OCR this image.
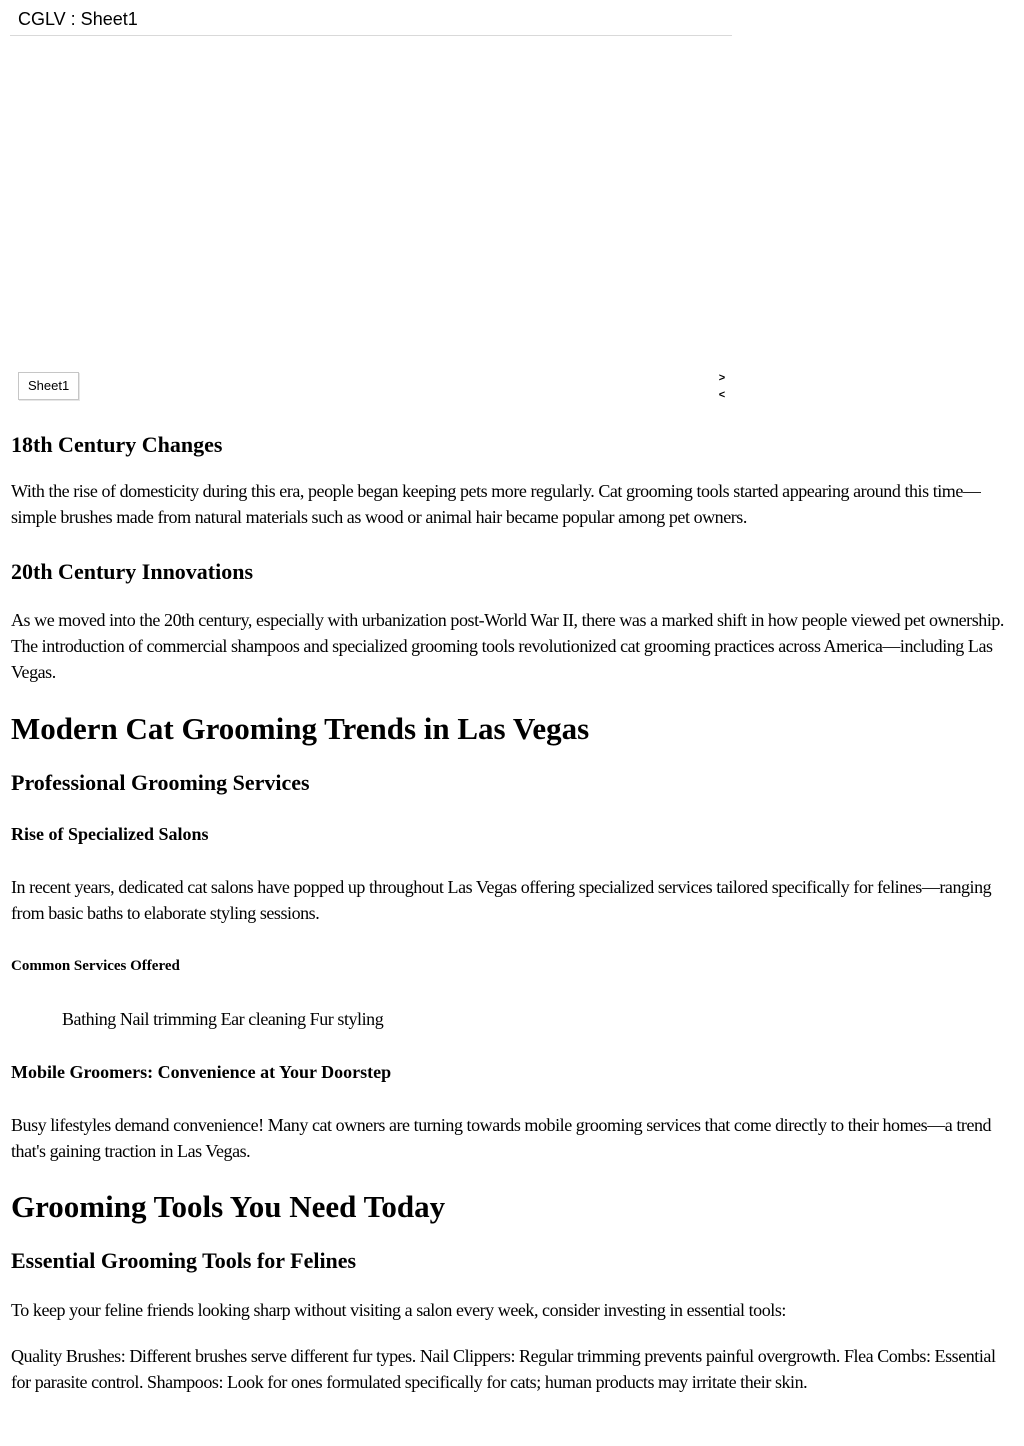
CGLV : Sheet1
Sheet1	>
<
18th Century Changes

With the rise of domesticity during this era, people began keeping pets more regularly. Cat grooming tools started appearing around this time—simple brushes made from natural materials such as wood or animal hair became popular among pet owners.

20th Century Innovations

As we moved into the 20th century, especially with urbanization post-World War II, there was a marked shift in how people viewed pet ownership. The introduction of commercial shampoos and specialized grooming tools revolutionized cat grooming practices across America—including Las Vegas.

Modern Cat Grooming Trends in Las Vegas
Professional Grooming Services
Rise of Specialized Salons

In recent years, dedicated cat salons have popped up throughout Las Vegas offering specialized services tailored specifically for felines—ranging from basic baths to elaborate styling sessions.

Common Services Offered

Bathing Nail trimming Ear cleaning Fur styling

Mobile Groomers: Convenience at Your Doorstep

Busy lifestyles demand convenience! Many cat owners are turning towards mobile grooming services that come directly to their homes—a trend that's gaining traction in Las Vegas.

Grooming Tools You Need Today
Essential Grooming Tools for Felines

To keep your feline friends looking sharp without visiting a salon every week, consider investing in essential tools:

Quality Brushes: Different brushes serve different fur types. Nail Clippers: Regular trimming prevents painful overgrowth. Flea Combs: Essential for parasite control. Shampoos: Look for ones formulated specifically for cats; human products may irritate their skin.
